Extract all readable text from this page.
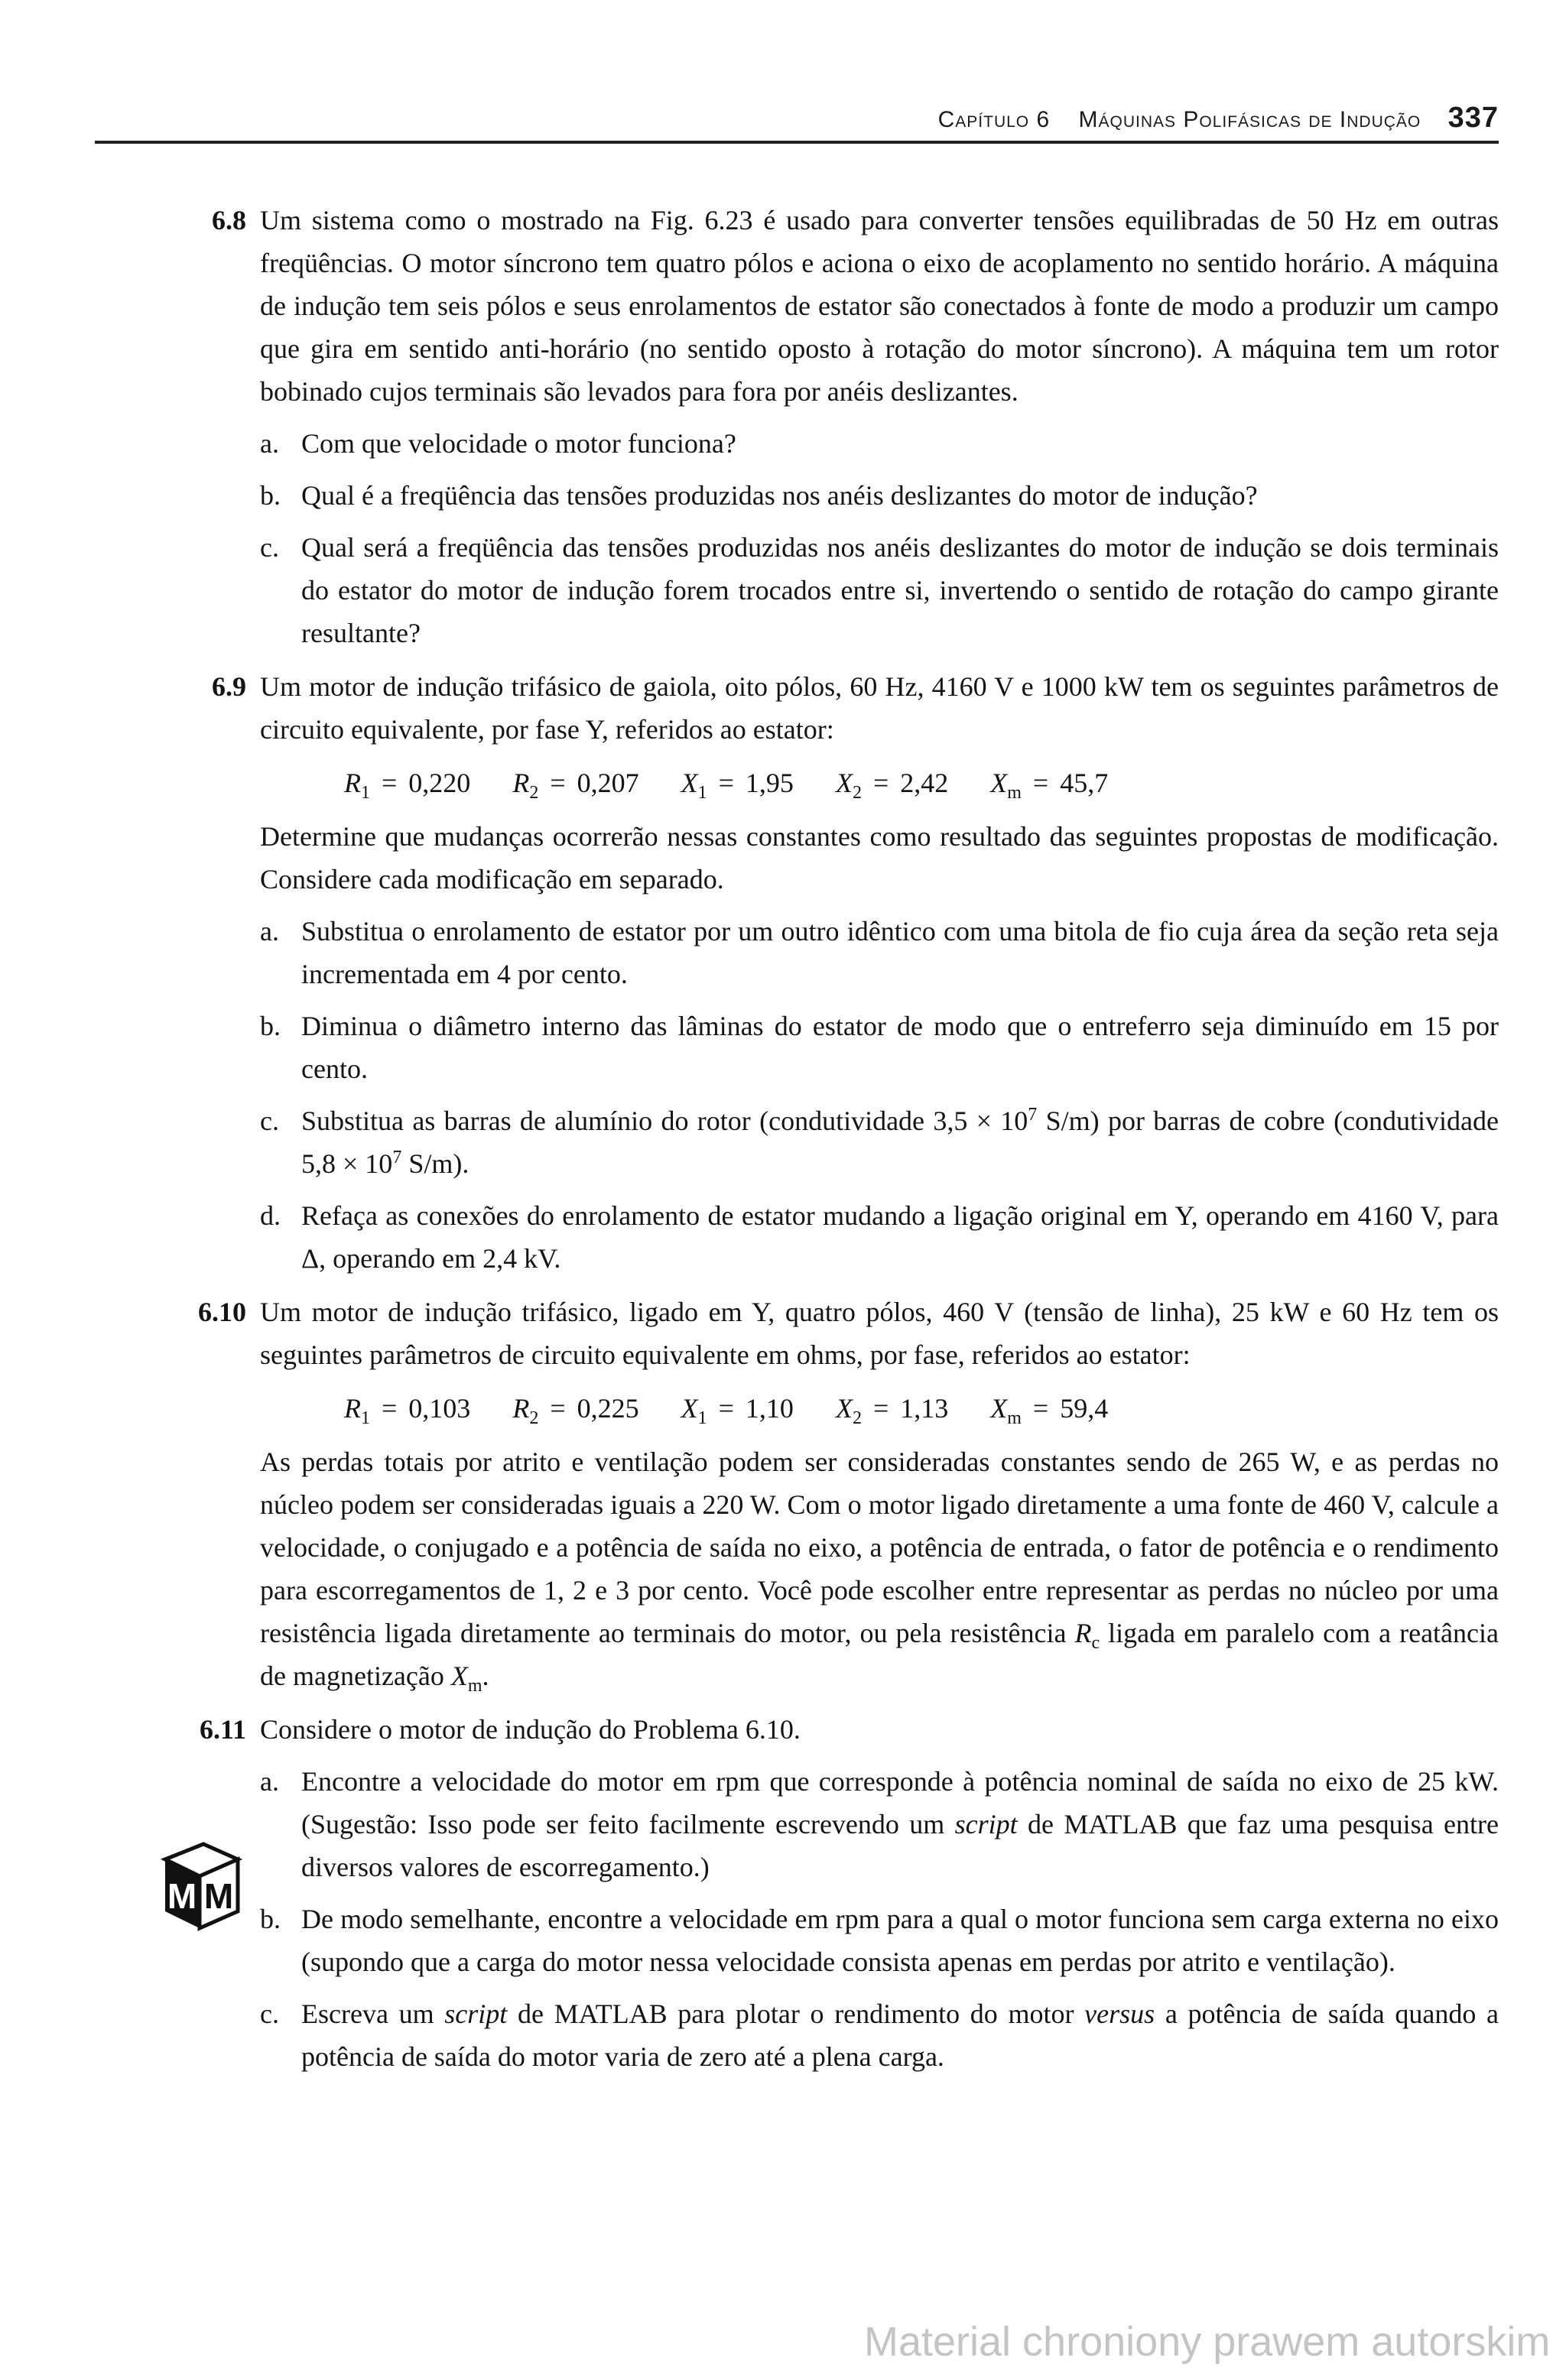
Capítulo 6 Máquinas Polifásicas de Indução 337
6.8 Um sistema como o mostrado na Fig. 6.23 é usado para converter tensões equilibradas de 50 Hz em outras freqüências. O motor síncrono tem quatro pólos e aciona o eixo de acoplamento no sentido horário. A máquina de indução tem seis pólos e seus enrolamentos de estator são conectados à fonte de modo a produzir um campo que gira em sentido anti-horário (no sentido oposto à rotação do motor síncrono). A máquina tem um rotor bobinado cujos terminais são levados para fora por anéis deslizantes.
a. Com que velocidade o motor funciona?
b. Qual é a freqüência das tensões produzidas nos anéis deslizantes do motor de indução?
c. Qual será a freqüência das tensões produzidas nos anéis deslizantes do motor de indução se dois terminais do estator do motor de indução forem trocados entre si, invertendo o sentido de rotação do campo girante resultante?
6.9 Um motor de indução trifásico de gaiola, oito pólos, 60 Hz, 4160 V e 1000 kW tem os seguintes parâmetros de circuito equivalente, por fase Y, referidos ao estator:
$R_1 = 0,220$ $R_2 = 0,207$ $X_1 = 1,95$ $X_2 = 2,42$ $X_m = 45,7$
Determine que mudanças ocorrerão nessas constantes como resultado das seguintes propostas de modificação. Considere cada modificação em separado.
a. Substitua o enrolamento de estator por um outro idêntico com uma bitola de fio cuja área da seção reta seja incrementada em 4 por cento.
b. Diminua o diâmetro interno das lâminas do estator de modo que o entreferro seja diminuído em 15 por cento.
c. Substitua as barras de alumínio do rotor (condutividade $3,5 \times 10^7$ S/m) por barras de cobre (condutividade $5,8 \times 10^7$ S/m).
d. Refaça as conexões do enrolamento de estator mudando a ligação original em Y, operando em 4160 V, para Δ, operando em 2,4 kV.
6.10 Um motor de indução trifásico, ligado em Y, quatro pólos, 460 V (tensão de linha), 25 kW e 60 Hz tem os seguintes parâmetros de circuito equivalente em ohms, por fase, referidos ao estator:
$R_1 = 0,103$ $R_2 = 0,225$ $X_1 = 1,10$ $X_2 = 1,13$ $X_m = 59,4$
As perdas totais por atrito e ventilação podem ser consideradas constantes sendo de 265 W, e as perdas no núcleo podem ser consideradas iguais a 220 W. Com o motor ligado diretamente a uma fonte de 460 V, calcule a velocidade, o conjugado e a potência de saída no eixo, a potência de entrada, o fator de potência e o rendimento para escorregamentos de 1, 2 e 3 por cento. Você pode escolher entre representar as perdas no núcleo por uma resistência ligada diretamente ao terminais do motor, ou pela resistência $R_c$ ligada em paralelo com a reatância de magnetização $X_m$.
6.11 Considere o motor de indução do Problema 6.10.
a. Encontre a velocidade do motor em rpm que corresponde à potência nominal de saída no eixo de 25 kW. (Sugestão: Isso pode ser feito facilmente escrevendo um script de MATLAB que faz uma pesquisa entre diversos valores de escorregamento.)
b. De modo semelhante, encontre a velocidade em rpm para a qual o motor funciona sem carga externa no eixo (supondo que a carga do motor nessa velocidade consista apenas em perdas por atrito e ventilação).
c. Escreva um script de MATLAB para plotar o rendimento do motor versus a potência de saída quando a potência de saída do motor varia de zero até a plena carga.
M M
Material chroniony prawem autorskim
